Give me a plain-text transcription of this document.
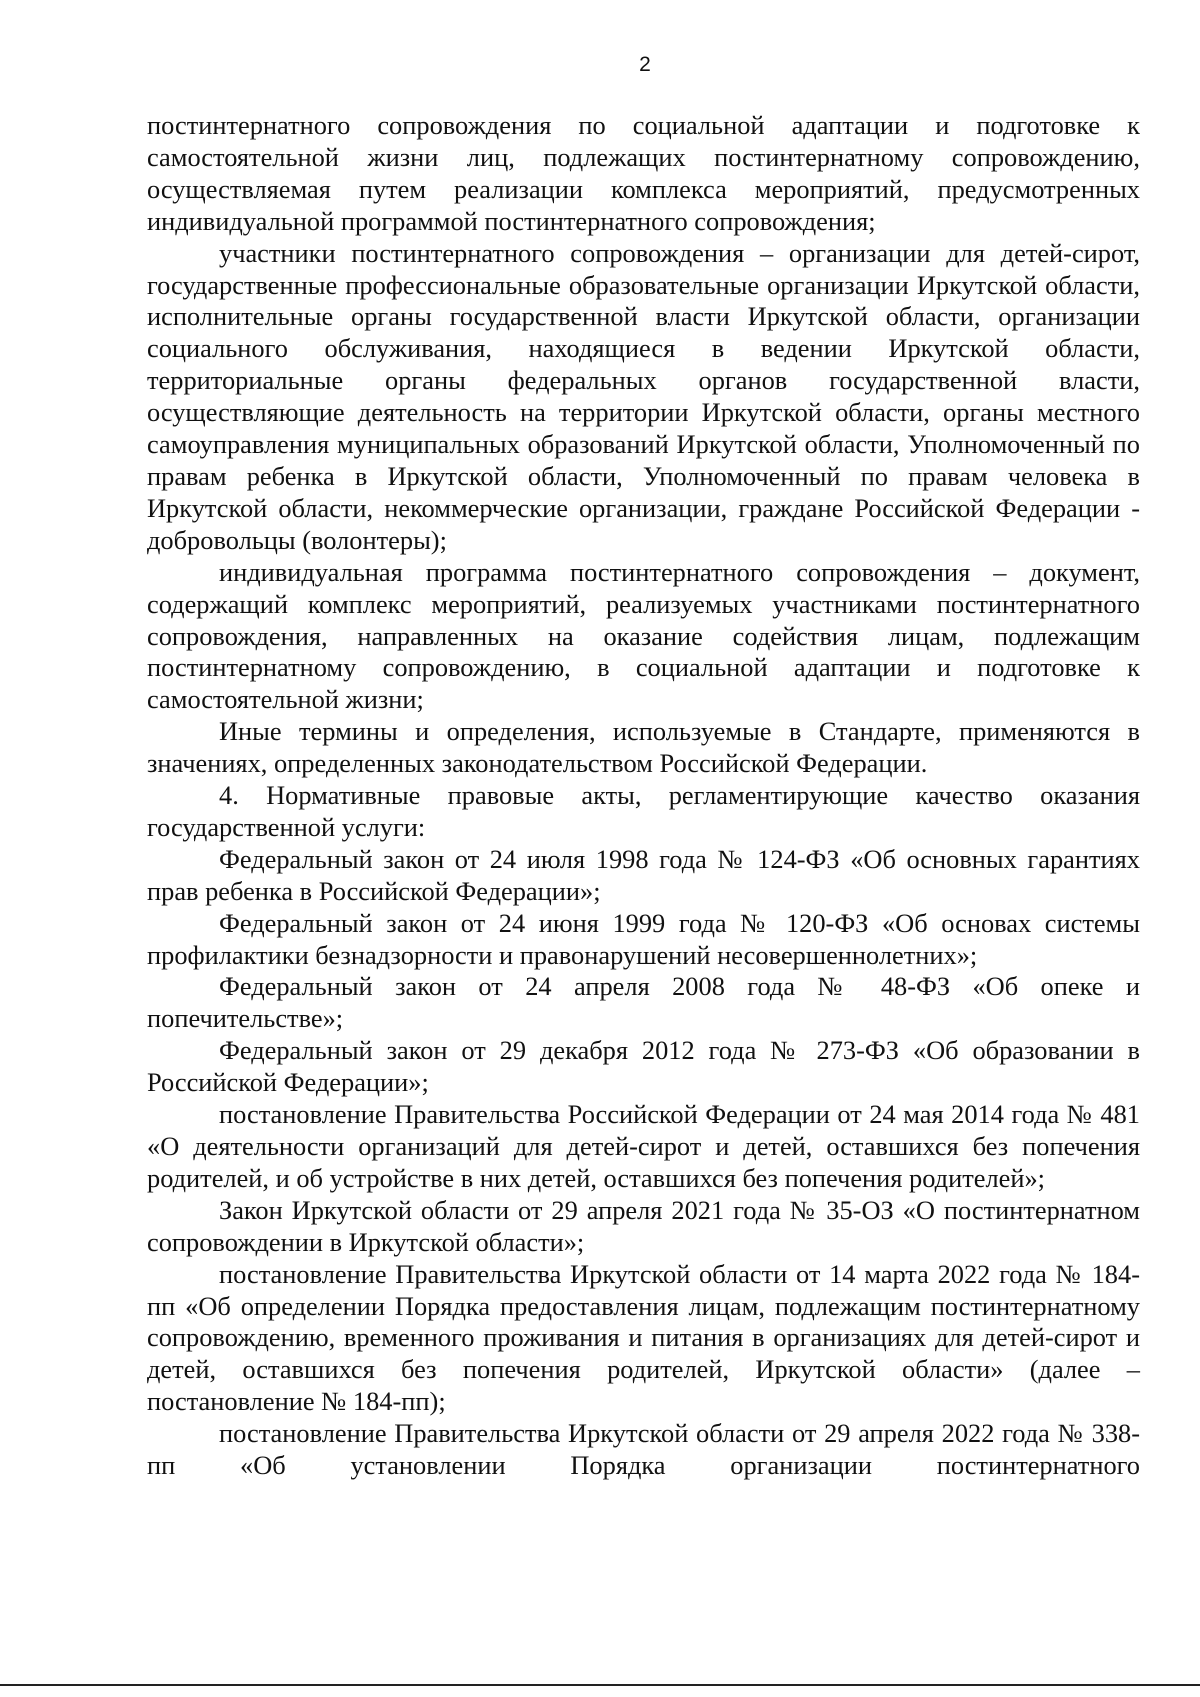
2

постинтернатного сопровождения по социальной адаптации и подготовке к самостоятельной жизни лиц, подлежащих постинтернатному сопровождению, осуществляемая путем реализации комплекса мероприятий, предусмотренных индивидуальной программой постинтернатного сопровождения;

участники постинтернатного сопровождения – организации для детей-сирот, государственные профессиональные образовательные организации Иркутской области, исполнительные органы государственной власти Иркутской области, организации социального обслуживания, находящиеся в ведении Иркутской области, территориальные органы федеральных органов государственной власти, осуществляющие деятельность на территории Иркутской области, органы местного самоуправления муниципальных образований Иркутской области, Уполномоченный по правам ребенка в Иркутской области, Уполномоченный по правам человека в Иркутской области, некоммерческие организации, граждане Российской Федерации - добровольцы (волонтеры);

индивидуальная программа постинтернатного сопровождения – документ, содержащий комплекс мероприятий, реализуемых участниками постинтернатного сопровождения, направленных на оказание содействия лицам, подлежащим постинтернатному сопровождению, в социальной адаптации и подготовке к самостоятельной жизни;

Иные термины и определения, используемые в Стандарте, применяются в значениях, определенных законодательством Российской Федерации.

4. Нормативные правовые акты, регламентирующие качество оказания государственной услуги:

Федеральный закон от 24 июля 1998 года № 124-ФЗ «Об основных гарантиях прав ребенка в Российской Федерации»;

Федеральный закон от 24 июня 1999 года № 120-ФЗ «Об основах системы профилактики безнадзорности и правонарушений несовершеннолетних»;

Федеральный закон от 24 апреля 2008 года № 48-ФЗ «Об опеке и попечительстве»;

Федеральный закон от 29 декабря 2012 года № 273-ФЗ «Об образовании в Российской Федерации»;

постановление Правительства Российской Федерации от 24 мая 2014 года № 481 «О деятельности организаций для детей-сирот и детей, оставшихся без попечения родителей, и об устройстве в них детей, оставшихся без попечения родителей»;

Закон Иркутской области от 29 апреля 2021 года № 35-ОЗ «О постинтернатном сопровождении в Иркутской области»;

постановление Правительства Иркутской области от 14 марта 2022 года № 184-пп «Об определении Порядка предоставления лицам, подлежащим постинтернатному сопровождению, временного проживания и питания в организациях для детей-сирот и детей, оставшихся без попечения родителей, Иркутской области» (далее – постановление № 184-пп);

постановление Правительства Иркутской области от 29 апреля 2022 года № 338-пп «Об установлении Порядка организации постинтернатного
